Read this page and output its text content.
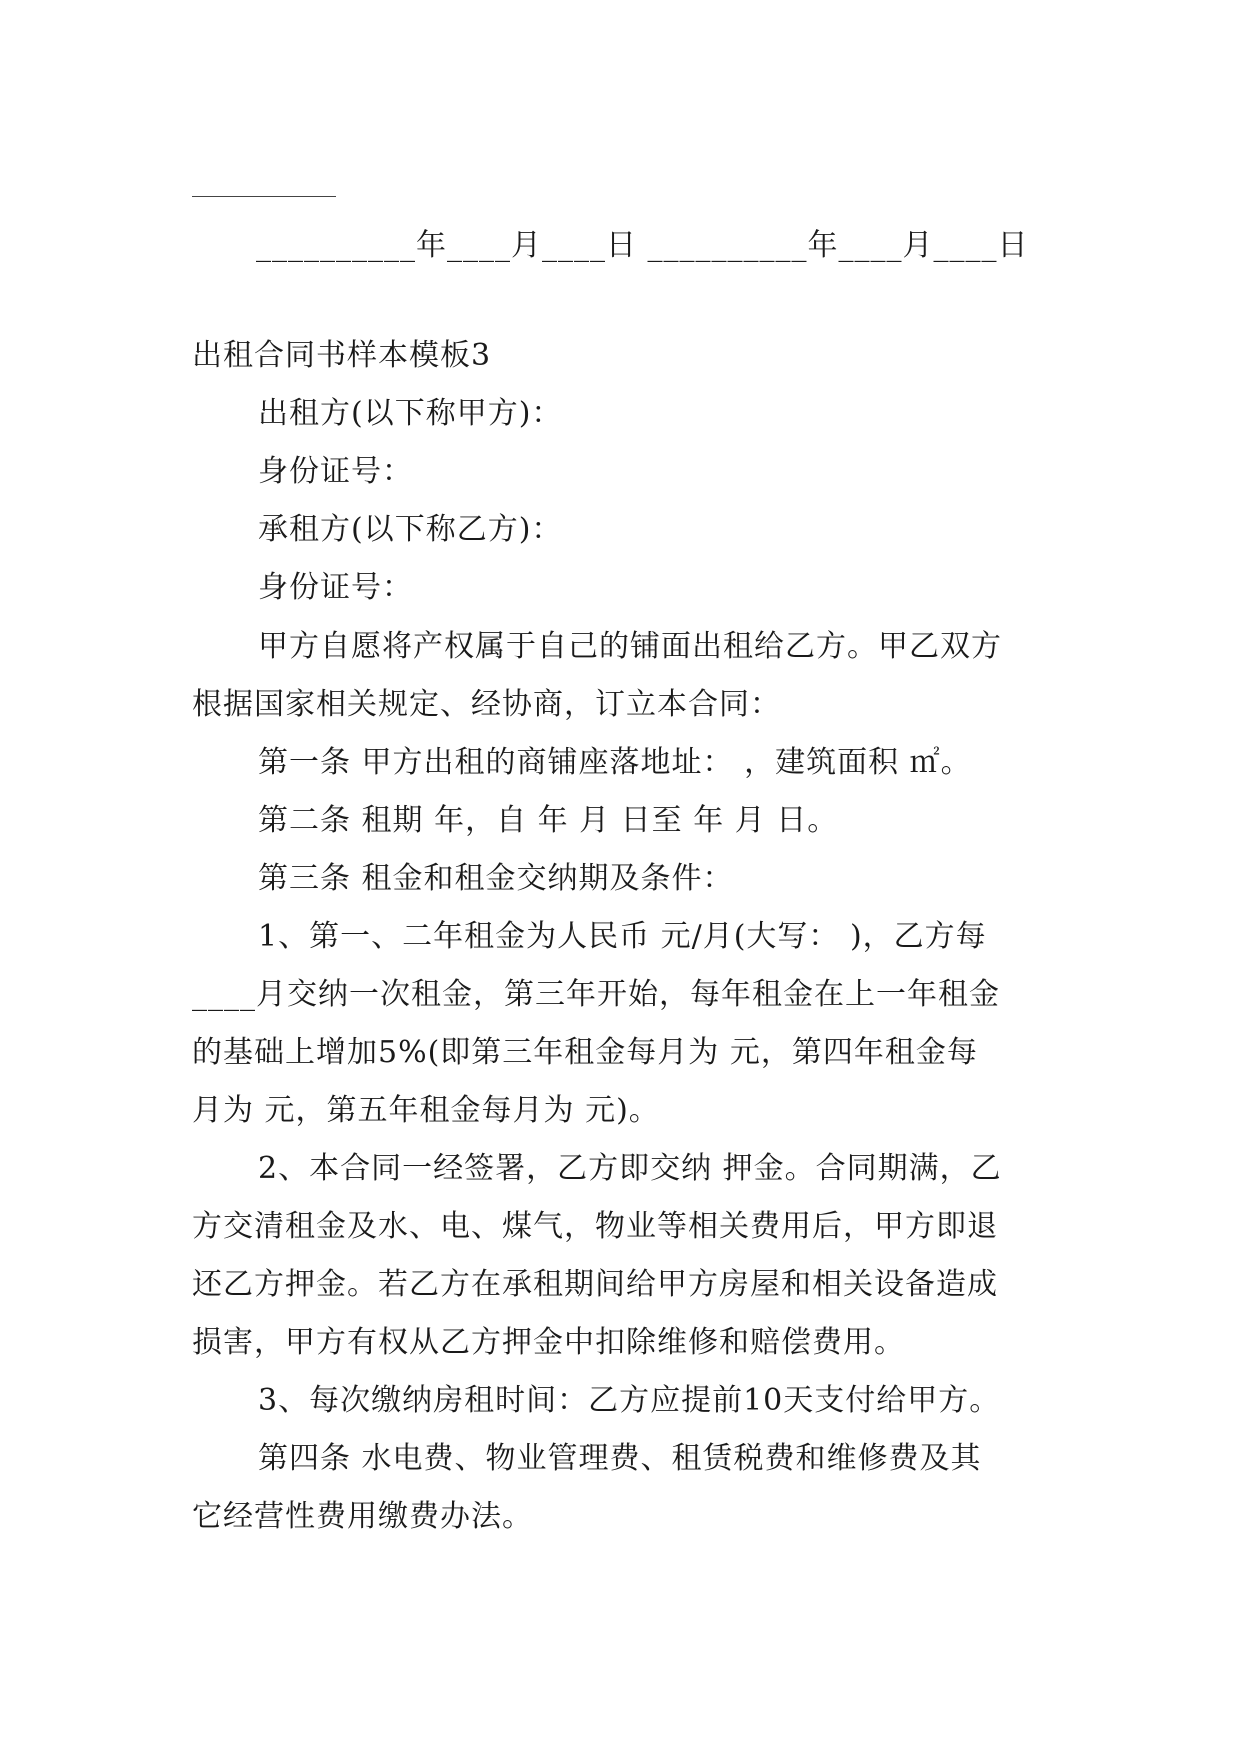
__________年____月____日 __________年____月____日
出租合同书样本模板3
出租方(以下称甲方)：
身份证号：
承租方(以下称乙方)：
身份证号：
甲方自愿将产权属于自己的铺面出租给乙方。甲乙双方
根据国家相关规定、经协商，订立本合同：
第一条 甲方出租的商铺座落地址： ，建筑面积 ㎡。
第二条 租期 年，自 年 月 日至 年 月 日。
第三条 租金和租金交纳期及条件：
1、第一、二年租金为人民币 元/月(大写： )，乙方每
____月交纳一次租金，第三年开始，每年租金在上一年租金
的基础上增加5%(即第三年租金每月为 元，第四年租金每
月为 元，第五年租金每月为 元)。
2、本合同一经签署，乙方即交纳 押金。合同期满，乙
方交清租金及水、电、煤气，物业等相关费用后，甲方即退
还乙方押金。若乙方在承租期间给甲方房屋和相关设备造成
损害，甲方有权从乙方押金中扣除维修和赔偿费用。
3、每次缴纳房租时间：乙方应提前10天支付给甲方。
第四条 水电费、物业管理费、租赁税费和维修费及其
它经营性费用缴费办法。
